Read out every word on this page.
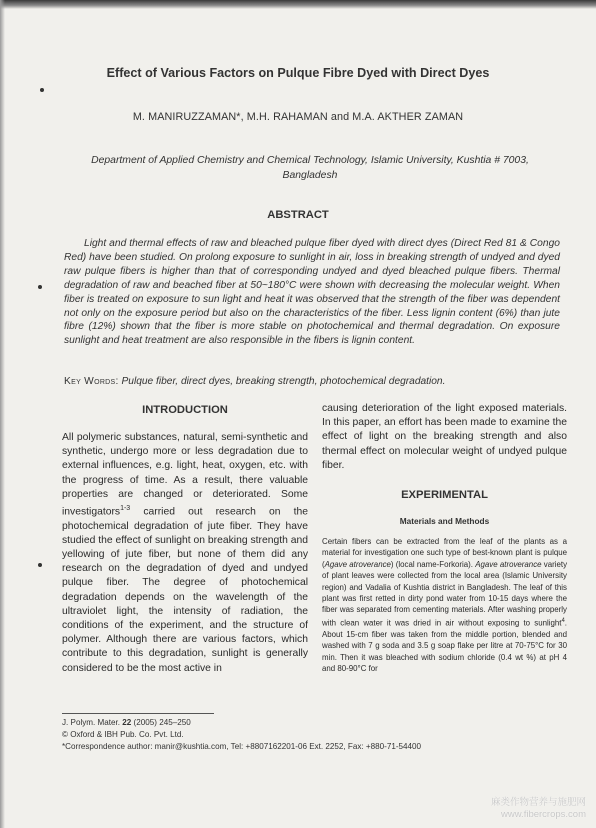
Effect of Various Factors on Pulque Fibre Dyed with Direct Dyes
M. MANIRUZZAMAN*, M.H. RAHAMAN and M.A. AKTHER ZAMAN
Department of Applied Chemistry and Chemical Technology, Islamic University, Kushtia # 7003,
Bangladesh
ABSTRACT
Light and thermal effects of raw and bleached pulque fiber dyed with direct dyes (Direct Red 81 & Congo Red) have been studied. On prolong exposure to sunlight in air, loss in breaking strength of undyed and dyed raw pulque fibers is higher than that of corresponding undyed and dyed bleached pulque fibers. Thermal degradation of raw and beached fiber at 50~180°C were shown with decreasing the molecular weight. When fiber is treated on exposure to sun light and heat it was observed that the strength of the fiber was dependent not only on the exposure period but also on the characteristics of the fiber. Less lignin content (6%) than jute fibre (12%) shown that the fiber is more stable on photochemical and thermal degradation. On exposure sunlight and heat treatment are also responsible in the fibers is lignin content.
Key Words: Pulque fiber, direct dyes, breaking strength, photochemical degradation.
INTRODUCTION

All polymeric substances, natural, semi-synthetic and synthetic, undergo more or less degradation due to external influences, e.g. light, heat, oxygen, etc. with the progress of time. As a result, there valuable properties are changed or deteriorated. Some investigators$^{1-3}$ carried out research on the photochemical degradation of jute fiber. They have studied the effect of sunlight on breaking strength and yellowing of jute fiber, but none of them did any research on the degradation of dyed and undyed pulque fiber. The degree of photochemical degradation depends on the wavelength of the ultraviolet light, the intensity of radiation, the conditions of the experiment, and the structure of polymer. Although there are various factors, which contribute to this degradation, sunlight is generally considered to be the most active in

causing deterioration of the light exposed materials. In this paper, an effort has been made to examine the effect of light on the breaking strength and also thermal effect on molecular weight of undyed pulque fiber.

EXPERIMENTAL
Materials and Methods

Certain fibers can be extracted from the leaf of the plants as a material for investigation one such type of best-known plant is pulque (Agave atroverance) (local name-Forkoria). Agave atroverance variety of plant leaves were collected from the local area (Islamic University region) and Vadalia of Kushtia district in Bangladesh. The leaf of this plant was first retted in dirty pond water from 10-15 days where the fiber was separated from cementing materials. After washing properly with clean water it was dried in air without exposing to sunlight$^4$. About 15-cm fiber was taken from the middle portion, blended and washed with 7 g soda and 3.5 g soap flake per litre at 70-75°C for 30 min. Then it was bleached with sodium chloride (0.4 wt %) at pH 4 and 80-90°C for

J. Polym. Mater. 22 (2005) 245–250
© Oxford & IBH Pub. Co. Pvt. Ltd.
*Correspondence author: manir@kushtia.com, Tel: +8807162201-06 Ext. 2252, Fax: +880-71-54400
麻类作物营养与施肥网
www.fibercrops.com
